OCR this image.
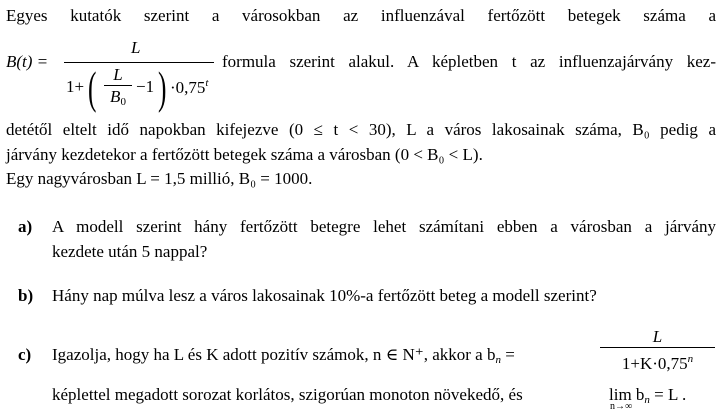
Egyes kutatók szerint a városokban az influenzával fertőzött betegek száma a
B(t) =
L
1+ ( $\frac{L}{B_0} -1$ ) $\cdot 0,75^t$
formula szerint alakul. A képletben t az influenzajárvány kez-
detétől eltelt idő napokban kifejezve (0 ≤ t < 30), L a város lakosainak száma, B₀ pedig a
járvány kezdetekor a fertőzött betegek száma a városban (0 < B₀ < L).
Egy nagyvárosban L = 1,5 millió, B₀ = 1000.
a) A modell szerint hány fertőzött betegre lehet számítani ebben a városban a járvány
kezdete után 5 nappal?
b) Hány nap múlva lesz a város lakosainak 10%-a fertőzött beteg a modell szerint?
c) Igazolja, hogy ha L és K adott pozitív számok, n ∈ N⁺, akkor a $b_n$ =	$\frac{L}{1+K\cdot 0,75^n}$
képlettel megadott sorozat korlátos, szigorúan monoton növekedő, és	$\lim b_n = L$ .
n→∞
